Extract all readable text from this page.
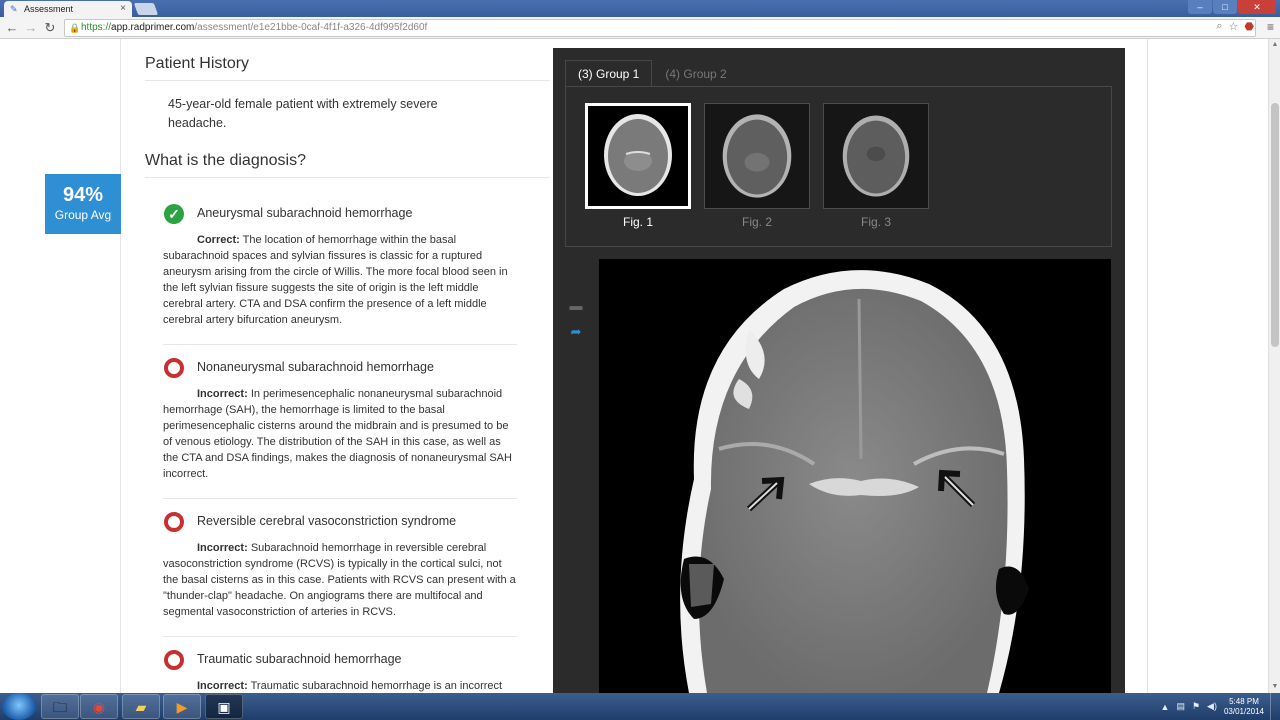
✎ Assessment	×	–	□	✕
← → ↻ 🔒 https://app.radprimer.com/assessment/e1e21bbe-0caf-4f1f-a326-4df995f2d60f	⌕ ☆ ⬣ ≡
94%
Group Avg
Patient History
45-year-old female patient with extremely severe headache.
What is the diagnosis?
✓	Aneurysmal subarachnoid hemorrhage
Correct: The location of hemorrhage within the basal subarachnoid spaces and sylvian fissures is classic for a ruptured aneurysm arising from the circle of Willis. The more focal blood seen in the left sylvian fissure suggests the site of origin is the left middle cerebral artery. CTA and DSA confirm the presence of a left middle cerebral artery bifurcation aneurysm.
Nonaneurysmal subarachnoid hemorrhage
Incorrect: In perimesencephalic nonaneurysmal subarachnoid hemorrhage (SAH), the hemorrhage is limited to the basal perimesencephalic cisterns around the midbrain and is presumed to be of venous etiology. The distribution of the SAH in this case, as well as the CTA and DSA findings, makes the diagnosis of nonaneurysmal SAH incorrect.
Reversible cerebral vasoconstriction syndrome
Incorrect: Subarachnoid hemorrhage in reversible cerebral vasoconstriction syndrome (RCVS) is typically in the cortical sulci, not the basal cisterns as in this case. Patients with RCVS can present with a "thunder-clap" headache. On angiograms there are multifocal and segmental vasoconstriction of arteries in RCVS.
Traumatic subarachnoid hemorrhage
Incorrect: Traumatic subarachnoid hemorrhage is an incorrect
(3) Group 1	(4) Group 2
Fig. 1	Fig. 2	Fig. 3
▬
➦
▲
▼
🗀	◉	▰	▶	▣	▲ ▤ ⚑ ◀)	5:48 PM
03/01/2014
